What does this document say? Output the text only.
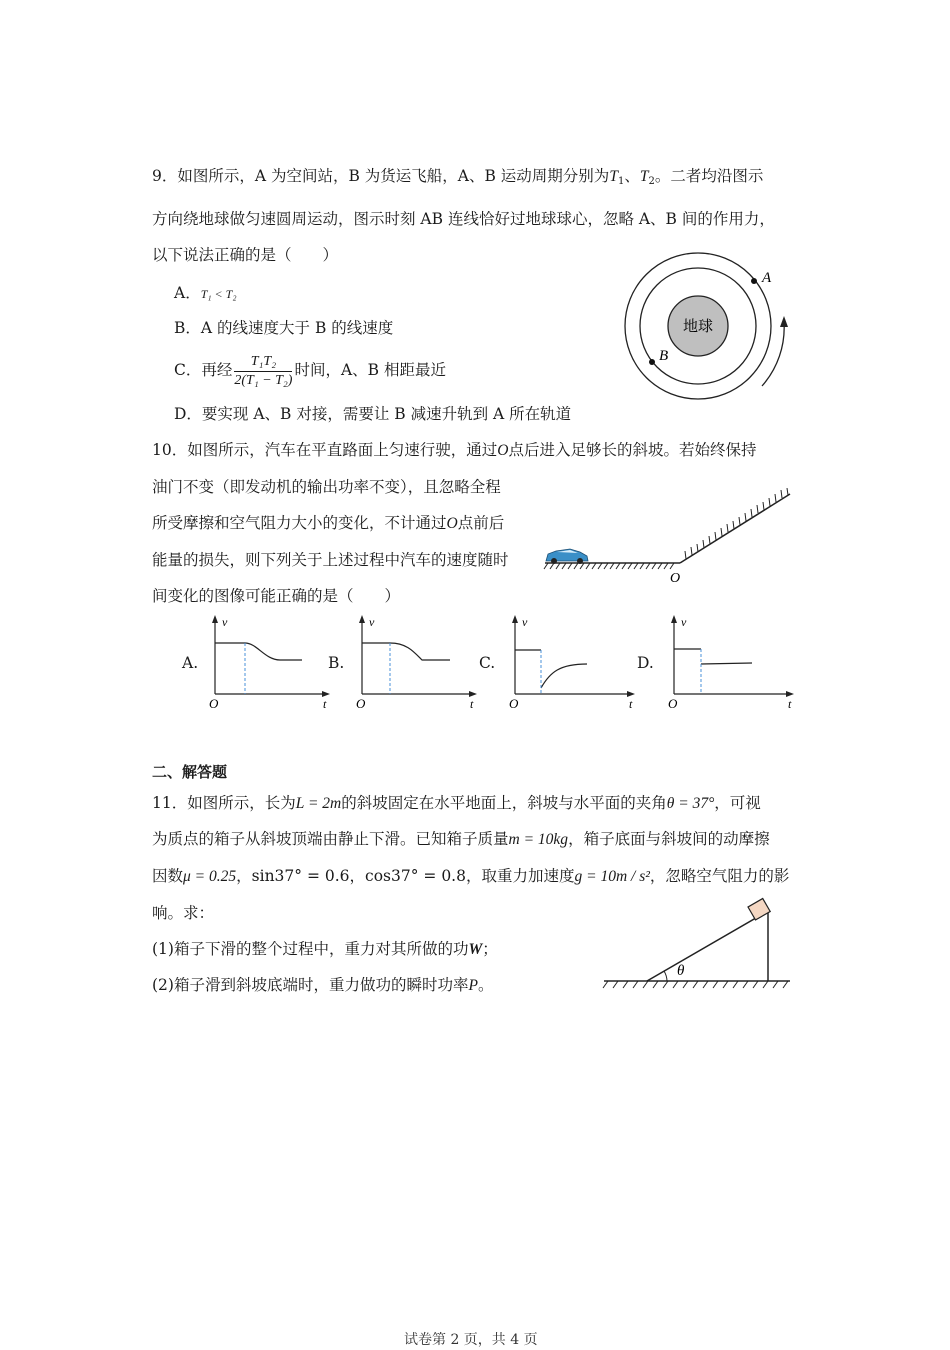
9．如图所示，A 为空间站，B 为货运飞船，A、B 运动周期分别为$T_1$、$T_2$。二者均沿图示
方向绕地球做匀速圆周运动，图示时刻 AB 连线恰好过地球球心，忽略 A、B 间的作用力，
以下说法正确的是（　　）
A．T₁ < T₂
B．A 的线速度大于 B 的线速度
C．再经 $\frac{\text{T₁T₂}}{\text{2(T₁ − T₂)}}$ 时间，A、B 相距最近
D．要实现 A、B 对接，需要让 B 减速升轨到 A 所在轨道
地球
A
B
10．如图所示，汽车在平直路面上匀速行驶，通过O点后进入足够长的斜坡。若始终保持
油门不变（即发动机的输出功率不变），且忽略全程
所受摩擦和空气阻力大小的变化，不计通过O点前后
能量的损失，则下列关于上述过程中汽车的速度随时
间变化的图像可能正确的是（　　）
O
A.
v
t
O
B.
v
t
O
C.
v
t
O
D.
v
t
O
二、解答题
11．如图所示，长为L = 2m的斜坡固定在水平地面上，斜坡与水平面的夹角θ = 37°，可视
为质点的箱子从斜坡顶端由静止下滑。已知箱子质量m = 10kg，箱子底面与斜坡间的动摩擦
因数μ = 0.25，sin37° = 0.6，cos37° = 0.8，取重力加速度g = 10m / s²，忽略空气阻力的影
响。求：
(1)箱子下滑的整个过程中，重力对其所做的功W；
(2)箱子滑到斜坡底端时，重力做功的瞬时功率P。
θ
试卷第 2 页，共 4 页
